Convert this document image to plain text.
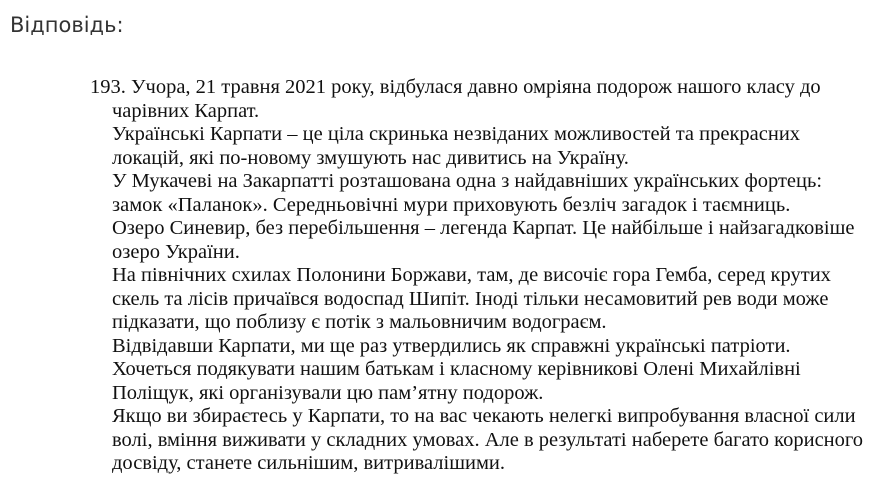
Відповідь:
193. Учора, 21 травня 2021 року, відбулася давно омріяна подорож нашого класу до
чарівних Карпат.
Українські Карпати – це ціла скринька незвіданих можливостей та прекрасних
локацій, які по-новому змушують нас дивитись на Україну.
У Мукачеві на Закарпатті розташована одна з найдавніших українських фортець:
замок «Паланок». Середньовічні мури приховують безліч загадок і таємниць.
Озеро Синевир, без перебільшення – легенда Карпат. Це найбільше і найзагадковіше
озеро України.
На північних схилах Полонини Боржави, там, де височіє гора Гемба, серед крутих
скель та лісів причаївся водоспад Шипіт. Іноді тільки несамовитий рев води може
підказати, що поблизу є потік з мальовничим водограєм.
Відвідавши Карпати, ми ще раз утвердились як справжні українські патріоти.
Хочеться подякувати нашим батькам і класному керівникові Олені Михайлівні
Поліщук, які організували цю пам’ятну подорож.
Якщо ви збираєтесь у Карпати, то на вас чекають нелегкі випробування власної сили
волі, вміння виживати у складних умовах. Але в результаті наберете багато корисного
досвіду, станете сильнішим, витривалішими.
